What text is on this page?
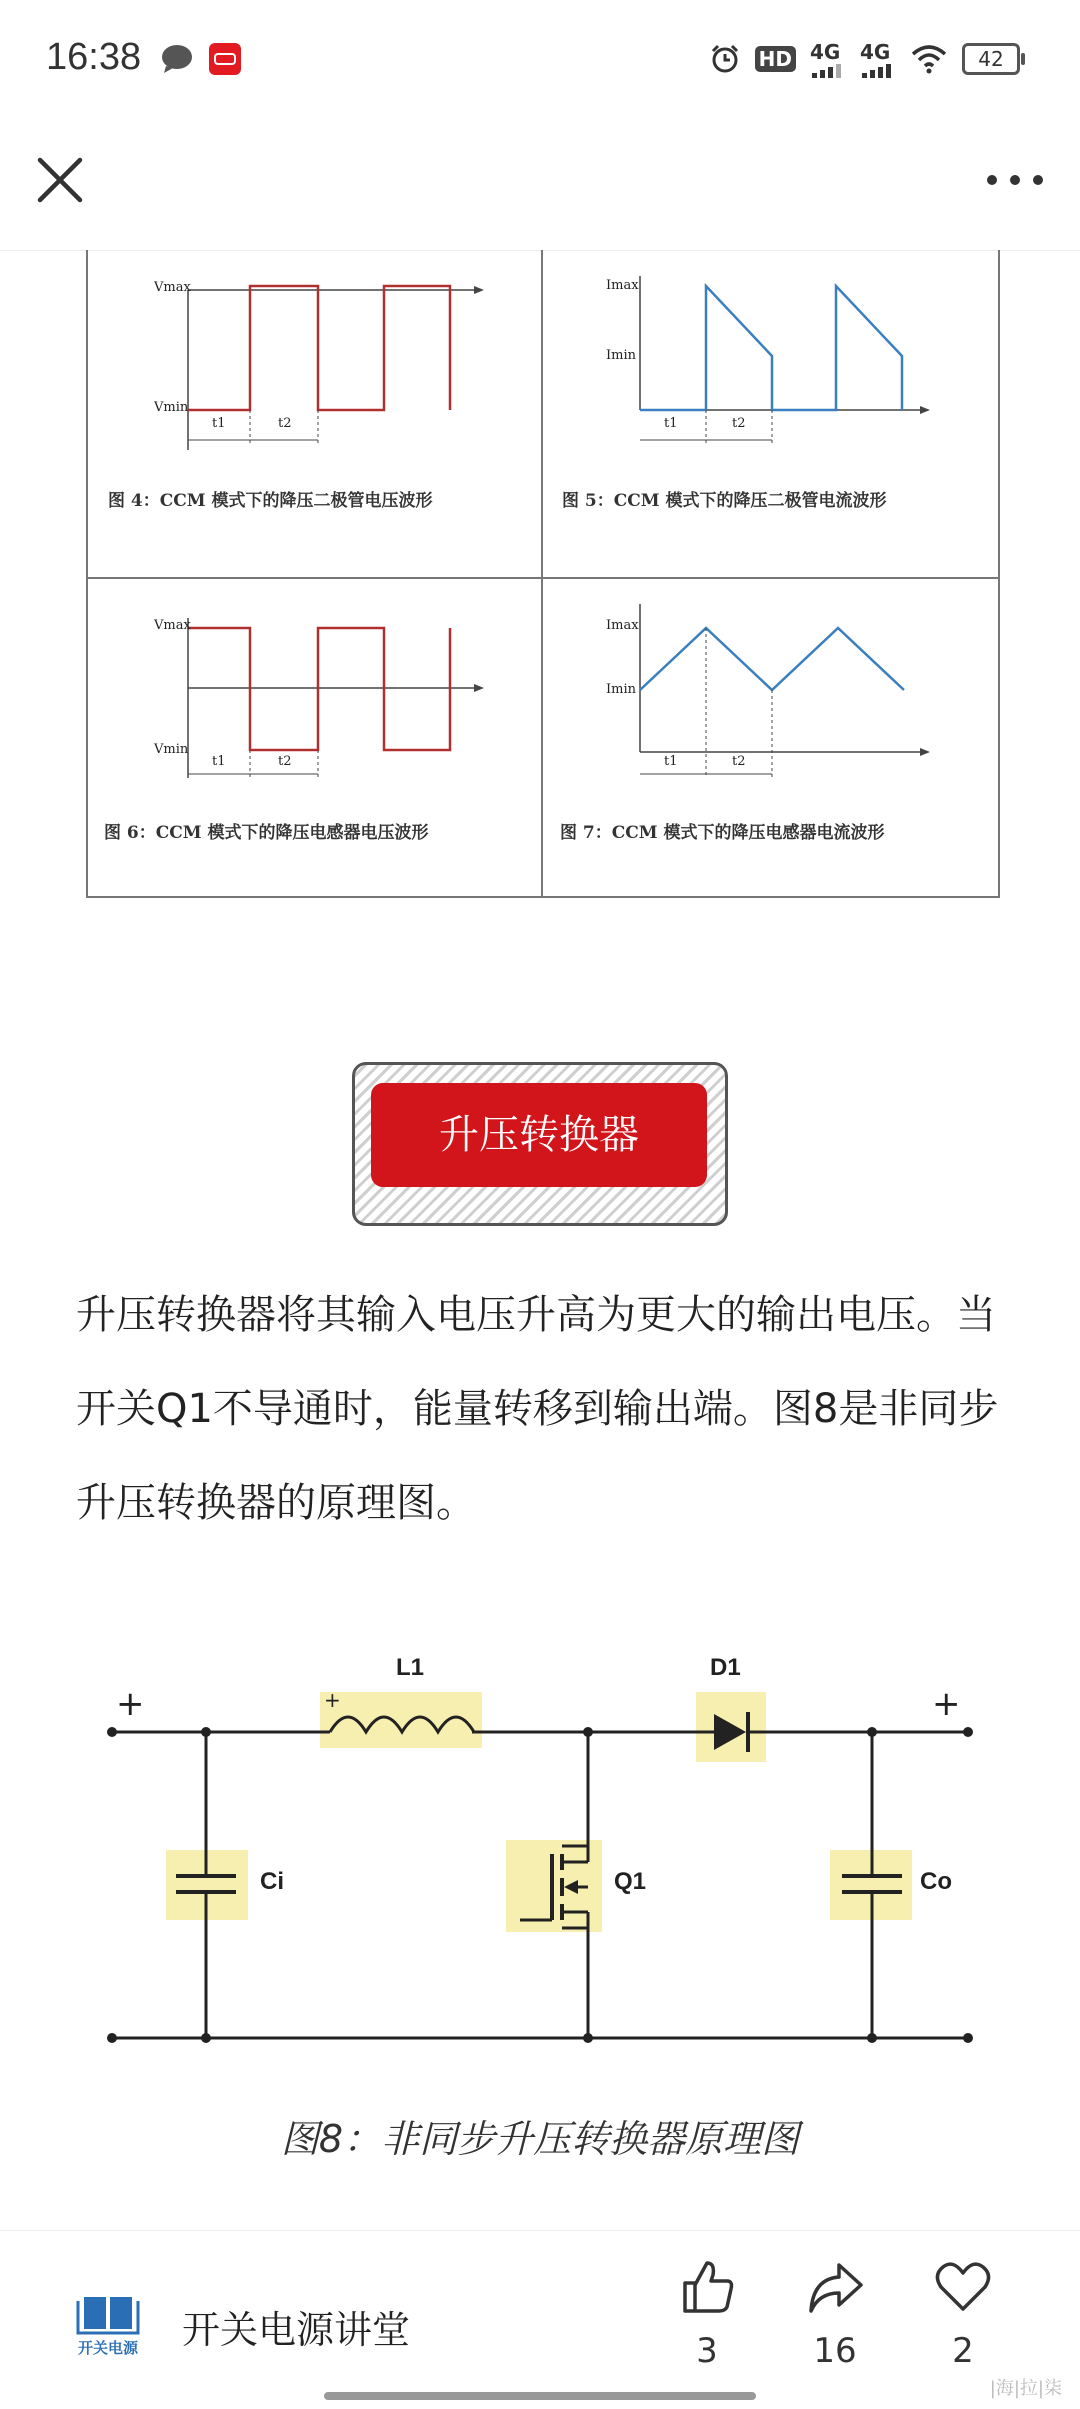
16:38	HD 4G 4G	42
Vmax
Vmin
t1	t2
图 4：CCM 模式下的降压二极管电压波形
Imax
Imin
t1	t2
图 5：CCM 模式下的降压二极管电流波形
Vmax
Vmin
t1	t2
图 6：CCM 模式下的降压电感器电压波形
Imax
Imin
t1	t2
图 7：CCM 模式下的降压电感器电流波形
升压转换器
升压转换器将其输入电压升高为更大的输出电压。当开关Q1不导通时，能量转移到输出端。图8是非同步升压转换器的原理图。
L1	D1
Ci	Q1	Co
+	+
+
图8：非同步升压转换器原理图
开关电源 开关电源讲堂	3	16	2
|海|拉|柒
